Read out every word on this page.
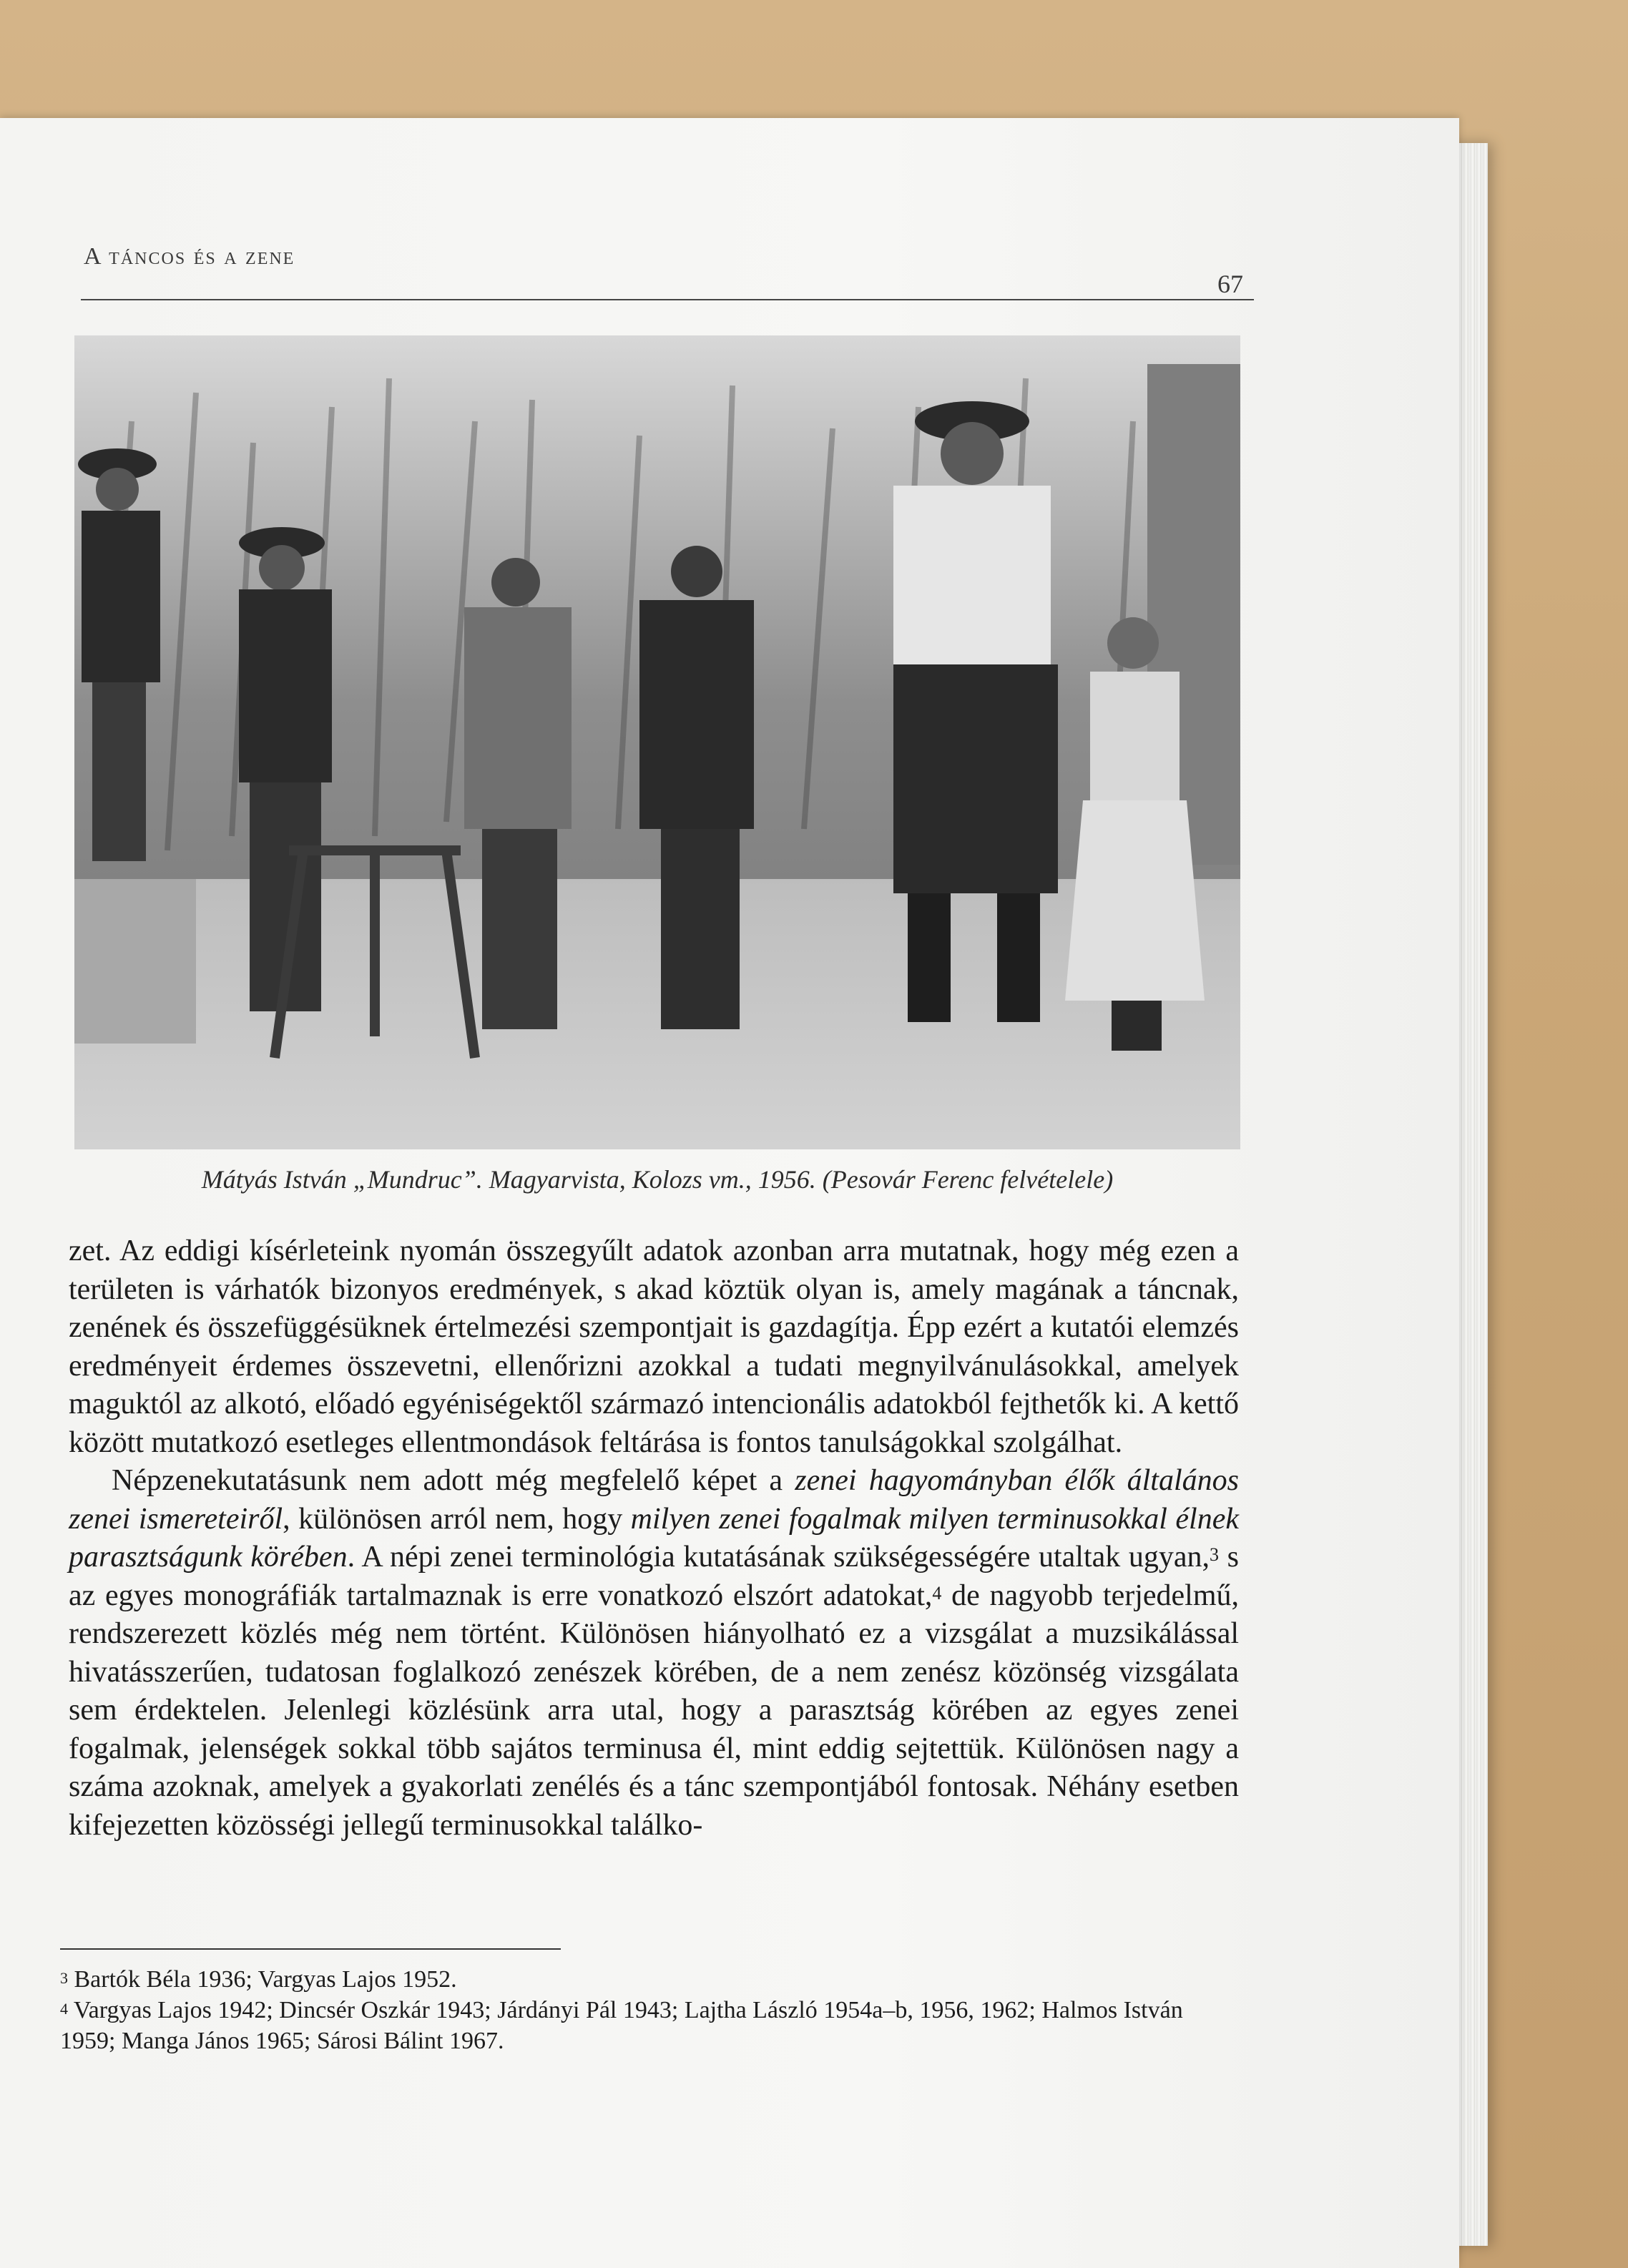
A táncos és a zene
67
Mátyás István „Mundruc”. Magyarvista, Kolozs vm., 1956. (Pesovár Ferenc felvételele)

zet. Az eddigi kísérleteink nyomán összegyűlt adatok azonban arra mutatnak, hogy még ezen a területen is várhatók bizonyos eredmények, s akad köztük olyan is, amely magának a táncnak, zenének és összefüggésüknek értelmezési szempontjait is gazdagítja. Épp ezért a kutatói elemzés eredményeit érdemes összevetni, ellenőrizni azokkal a tudati megnyilvánulásokkal, amelyek maguktól az alkotó, előadó egyéniségektől származó intencionális adatokból fejthetők ki. A kettő között mutatkozó esetleges ellentmondások feltárása is fontos tanulságokkal szolgálhat.

Népzenekutatásunk nem adott még megfelelő képet a zenei hagyományban élők általános zenei ismereteiről, különösen arról nem, hogy milyen zenei fogalmak milyen terminusokkal élnek parasztságunk körében. A népi zenei terminológia kutatásának szükségességére utaltak ugyan,$^3$ s az egyes monográfiák tartalmaznak is erre vonatkozó elszórt adatokat,$^4$ de nagyobb terjedelmű, rendszerezett közlés még nem történt. Különösen hiányolható ez a vizsgálat a muzsikálással hivatásszerűen, tudatosan foglalkozó zenészek körében, de a nem zenész közönség vizsgálata sem érdektelen. Jelenlegi közlésünk arra utal, hogy a parasztság körében az egyes zenei fogalmak, jelenségek sokkal több sajátos terminusa él, mint eddig sejtettük. Különösen nagy a száma azoknak, amelyek a gyakorlati zenélés és a tánc szempontjából fontosak. Néhány esetben kifejezetten közösségi jellegű terminusokkal találko-

$^3$ Bartók Béla 1936; Vargyas Lajos 1952.

$^4$ Vargyas Lajos 1942; Dincsér Oszkár 1943; Járdányi Pál 1943; Lajtha László 1954a–b, 1956, 1962; Halmos István 1959; Manga János 1965; Sárosi Bálint 1967.
